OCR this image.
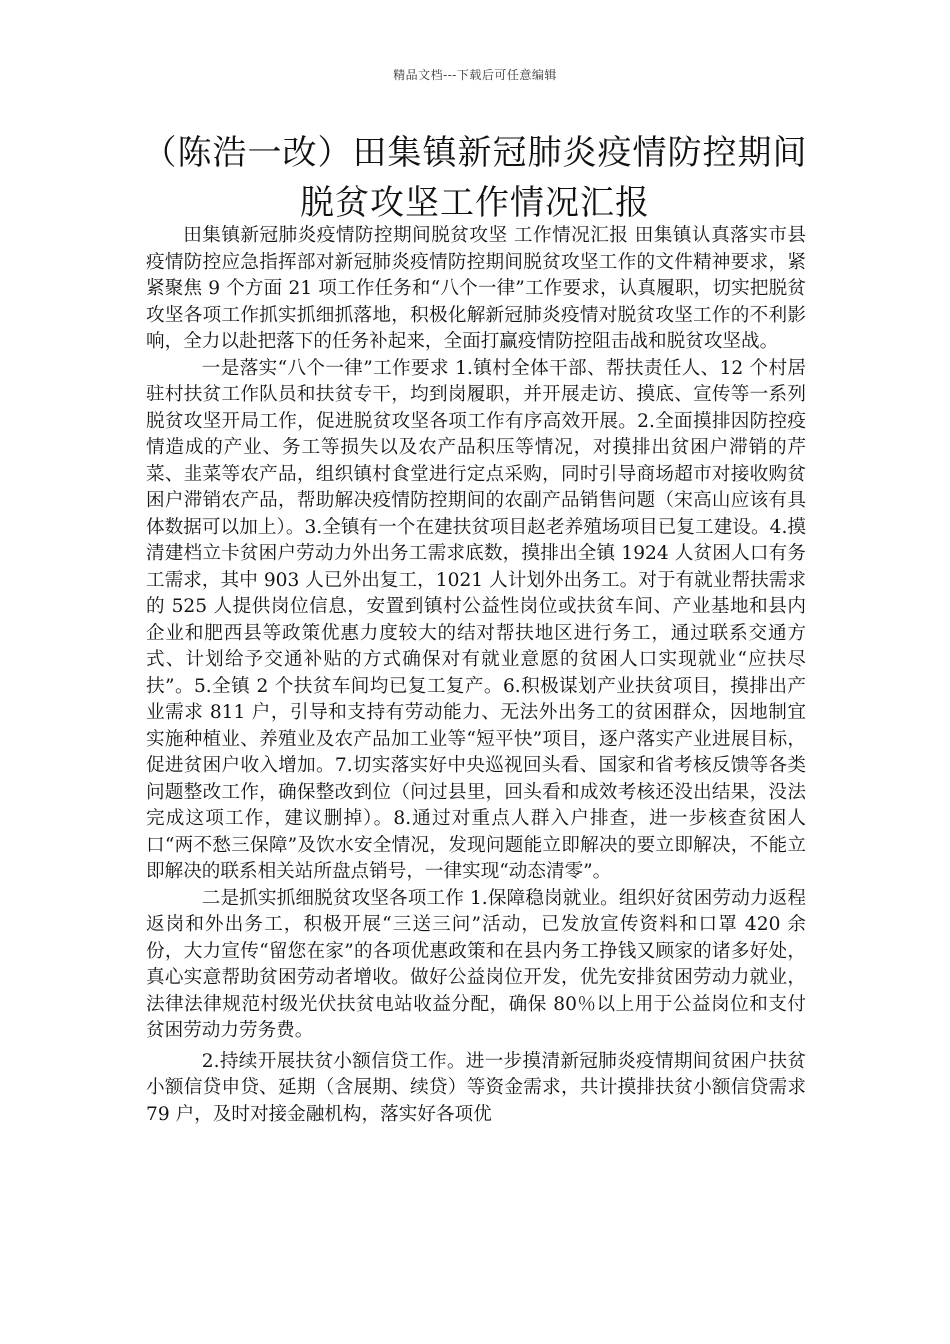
精品文档---下载后可任意编辑
（陈浩一改）田集镇新冠肺炎疫情防控期间脱贫攻坚工作情况汇报

田集镇新冠肺炎疫情防控期间脱贫攻坚 工作情况汇报 田集镇认真落实市县疫情防控应急指挥部对新冠肺炎疫情防控期间脱贫攻坚工作的文件精神要求，紧紧聚焦 9 个方面 21 项工作任务和“八个一律”工作要求，认真履职，切实把脱贫攻坚各项工作抓实抓细抓落地，积极化解新冠肺炎疫情对脱贫攻坚工作的不利影响，全力以赴把落下的任务补起来，全面打赢疫情防控阻击战和脱贫攻坚战。

一是落实“八个一律”工作要求 1.镇村全体干部、帮扶责任人、12 个村居驻村扶贫工作队员和扶贫专干，均到岗履职，并开展走访、摸底、宣传等一系列脱贫攻坚开局工作，促进脱贫攻坚各项工作有序高效开展。2.全面摸排因防控疫情造成的产业、务工等损失以及农产品积压等情况，对摸排出贫困户滞销的芹菜、韭菜等农产品，组织镇村食堂进行定点采购，同时引导商场超市对接收购贫困户滞销农产品，帮助解决疫情防控期间的农副产品销售问题（宋高山应该有具体数据可以加上）。3.全镇有一个在建扶贫项目赵老养殖场项目已复工建设。4.摸清建档立卡贫困户劳动力外出务工需求底数，摸排出全镇 1924 人贫困人口有务工需求，其中 903 人已外出复工，1021 人计划外出务工。对于有就业帮扶需求的 525 人提供岗位信息，安置到镇村公益性岗位或扶贫车间、产业基地和县内企业和肥西县等政策优惠力度较大的结对帮扶地区进行务工，通过联系交通方式、计划给予交通补贴的方式确保对有就业意愿的贫困人口实现就业“应扶尽扶”。5.全镇 2 个扶贫车间均已复工复产。6.积极谋划产业扶贫项目，摸排出产业需求 811 户，引导和支持有劳动能力、无法外出务工的贫困群众，因地制宜实施种植业、养殖业及农产品加工业等“短平快”项目，逐户落实产业进展目标，促进贫困户收入增加。7.切实落实好中央巡视回头看、国家和省考核反馈等各类问题整改工作，确保整改到位（问过县里，回头看和成效考核还没出结果，没法完成这项工作，建议删掉）。8.通过对重点人群入户排查，进一步核查贫困人口“两不愁三保障”及饮水安全情况，发现问题能立即解决的要立即解决，不能立即解决的联系相关站所盘点销号，一律实现“动态清零”。

二是抓实抓细脱贫攻坚各项工作 1.保障稳岗就业。组织好贫困劳动力返程返岗和外出务工，积极开展“三送三问”活动，已发放宣传资料和口罩 420 余份，大力宣传“留您在家”的各项优惠政策和在县内务工挣钱又顾家的诸多好处，真心实意帮助贫困劳动者增收。做好公益岗位开发，优先安排贫困劳动力就业，法律法律规范村级光伏扶贫电站收益分配，确保 80％以上用于公益岗位和支付贫困劳动力劳务费。

2.持续开展扶贫小额信贷工作。进一步摸清新冠肺炎疫情期间贫困户扶贫小额信贷申贷、延期（含展期、续贷）等资金需求，共计摸排扶贫小额信贷需求 79 户，及时对接金融机构，落实好各项优
